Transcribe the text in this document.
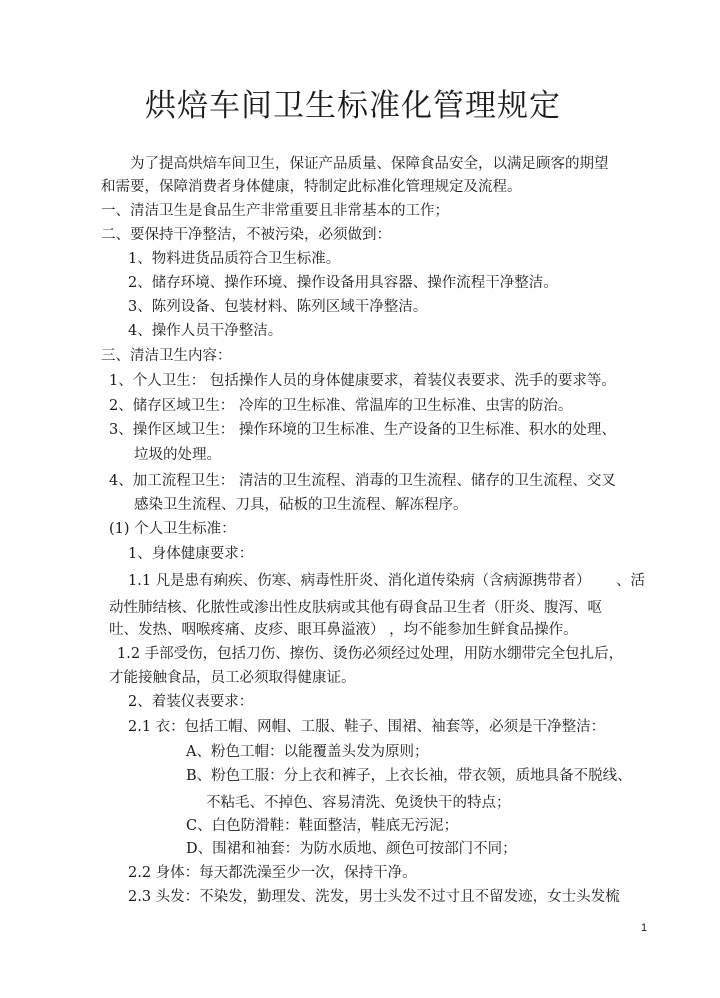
烘焙车间卫生标准化管理规定
为了提高烘焙车间卫生，保证产品质量、保障食品安全，以满足顾客的期望
和需要，保障消费者身体健康，特制定此标准化管理规定及流程。
一、清洁卫生是食品生产非常重要且非常基本的工作；
二、要保持干净整洁，不被污染，必须做到：
1、物料进货品质符合卫生标准。
2、储存环境、操作环境、操作设备用具容器、操作流程干净整洁。
3、陈列设备、包装材料、陈列区域干净整洁。
4、操作人员干净整洁。
三、清洁卫生内容：
1、个人卫生： 包括操作人员的身体健康要求，着装仪表要求、洗手的要求等。
2、储存区域卫生： 冷库的卫生标准、常温库的卫生标准、虫害的防治。
3、操作区域卫生： 操作环境的卫生标准、生产设备的卫生标准、积水的处理、
垃圾的处理。
4、加工流程卫生： 清洁的卫生流程、消毒的卫生流程、储存的卫生流程、交叉
感染卫生流程、刀具，砧板的卫生流程、解冻程序。
(1) 个人卫生标准：
1、身体健康要求：
1.1 凡是患有痢疾、伤寒、病毒性肝炎、消化道传染病（含病源携带者） 、活
动性肺结核、化脓性或渗出性皮肤病或其他有碍食品卫生者（肝炎、腹泻、呕
吐、发热、咽喉疼痛、皮疹、眼耳鼻溢液） ，均不能参加生鲜食品操作。
1.2 手部受伤，包括刀伤、擦伤、烫伤必须经过处理，用防水绷带完全包扎后，
才能接触食品，员工必须取得健康证。
2、着装仪表要求：
2.1 衣：包括工帽、网帽、工服、鞋子、围裙、袖套等，必须是干净整洁：
A、粉色工帽：以能覆盖头发为原则；
B、粉色工服：分上衣和裤子，上衣长袖，带衣领，质地具备不脱线、
不粘毛、不掉色、容易清洗、免烫快干的特点；
C、白色防滑鞋：鞋面整洁，鞋底无污泥；
D、围裙和袖套：为防水质地、颜色可按部门不同；
2.2 身体：每天都洗澡至少一次，保持干净。
2.3 头发：不染发，勤理发、洗发，男士头发不过寸且不留发迹，女士头发梳
1
